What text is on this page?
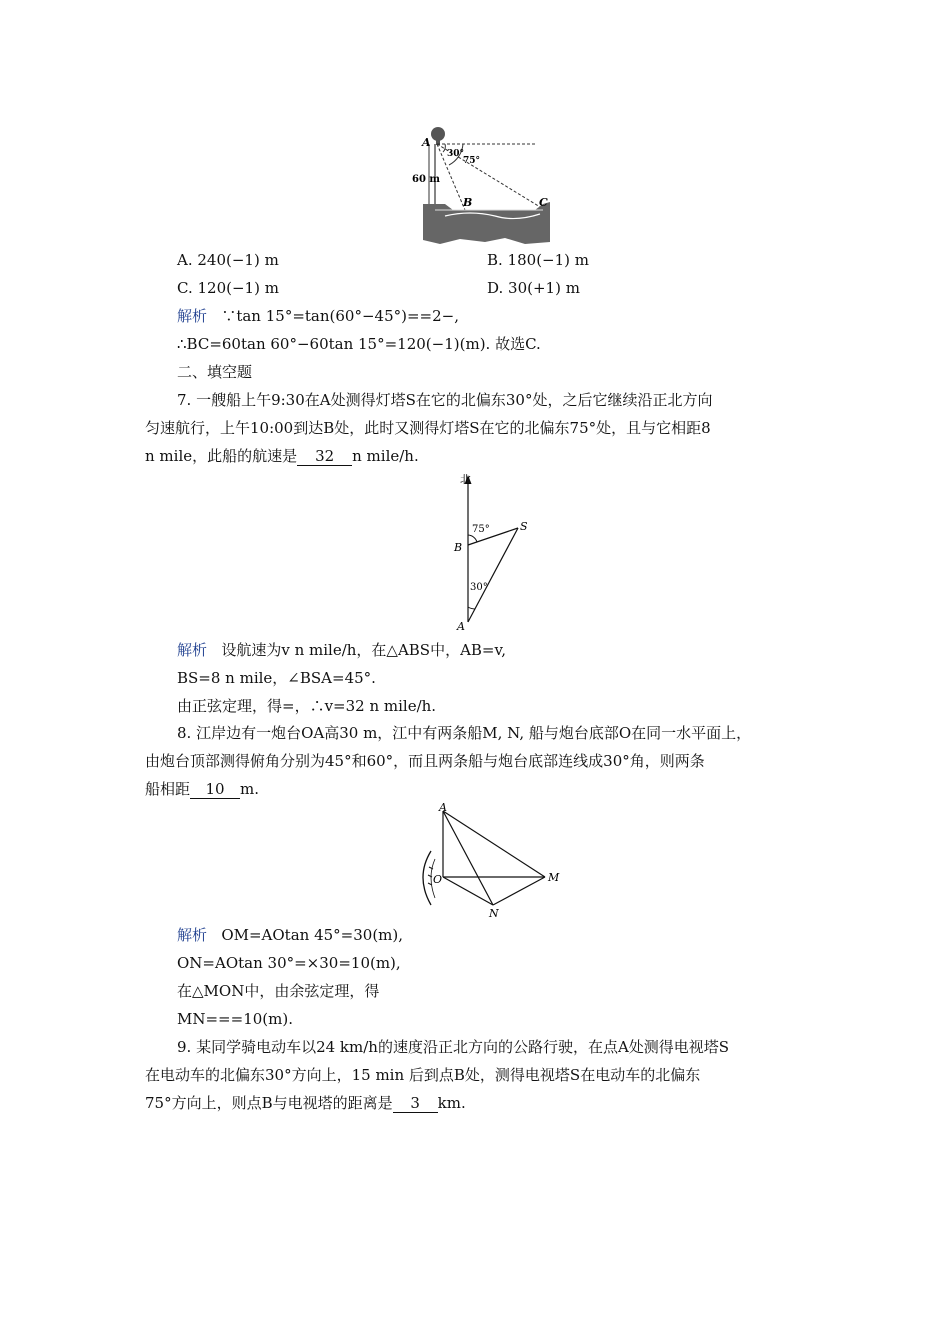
A
B	C
60 m
30°
75°
A. 240(−1) m	B. 180(−1) m
C. 120(−1) m	D. 30(+1) m
解析 ∵tan 15°=tan(60°−45°)==2−,
∴BC=60tan 60°−60tan 15°=120(−1)(m). 故选C.
二、填空题
7. 一艘船上午9:30在A处测得灯塔S在它的北偏东30°处，之后它继续沿正北方向
匀速航行，上午10:00到达B处，此时又测得灯塔S在它的北偏东75°处，且与它相距8
n mile，此船的航速是 32 n mile/h.
北
B
S
A
75°
30°
解析 设航速为v n mile/h，在△ABS中，AB=v,
BS=8 n mile，∠BSA=45°.
由正弦定理，得=，∴v=32 n mile/h.
8. 江岸边有一炮台OA高30 m，江中有两条船M, N, 船与炮台底部O在同一水平面上，
由炮台顶部测得俯角分别为45°和60°，而且两条船与炮台底部连线成30°角，则两条
船相距 10 m.
A
O	M
N
解析 OM=AOtan 45°=30(m),
ON=AOtan 30°=×30=10(m),
在△MON中，由余弦定理，得
MN===10(m).
9. 某同学骑电动车以24 km/h的速度沿正北方向的公路行驶，在点A处测得电视塔S
在电动车的北偏东30°方向上，15 min 后到点B处，测得电视塔S在电动车的北偏东
75°方向上，则点B与电视塔的距离是 3 km.
